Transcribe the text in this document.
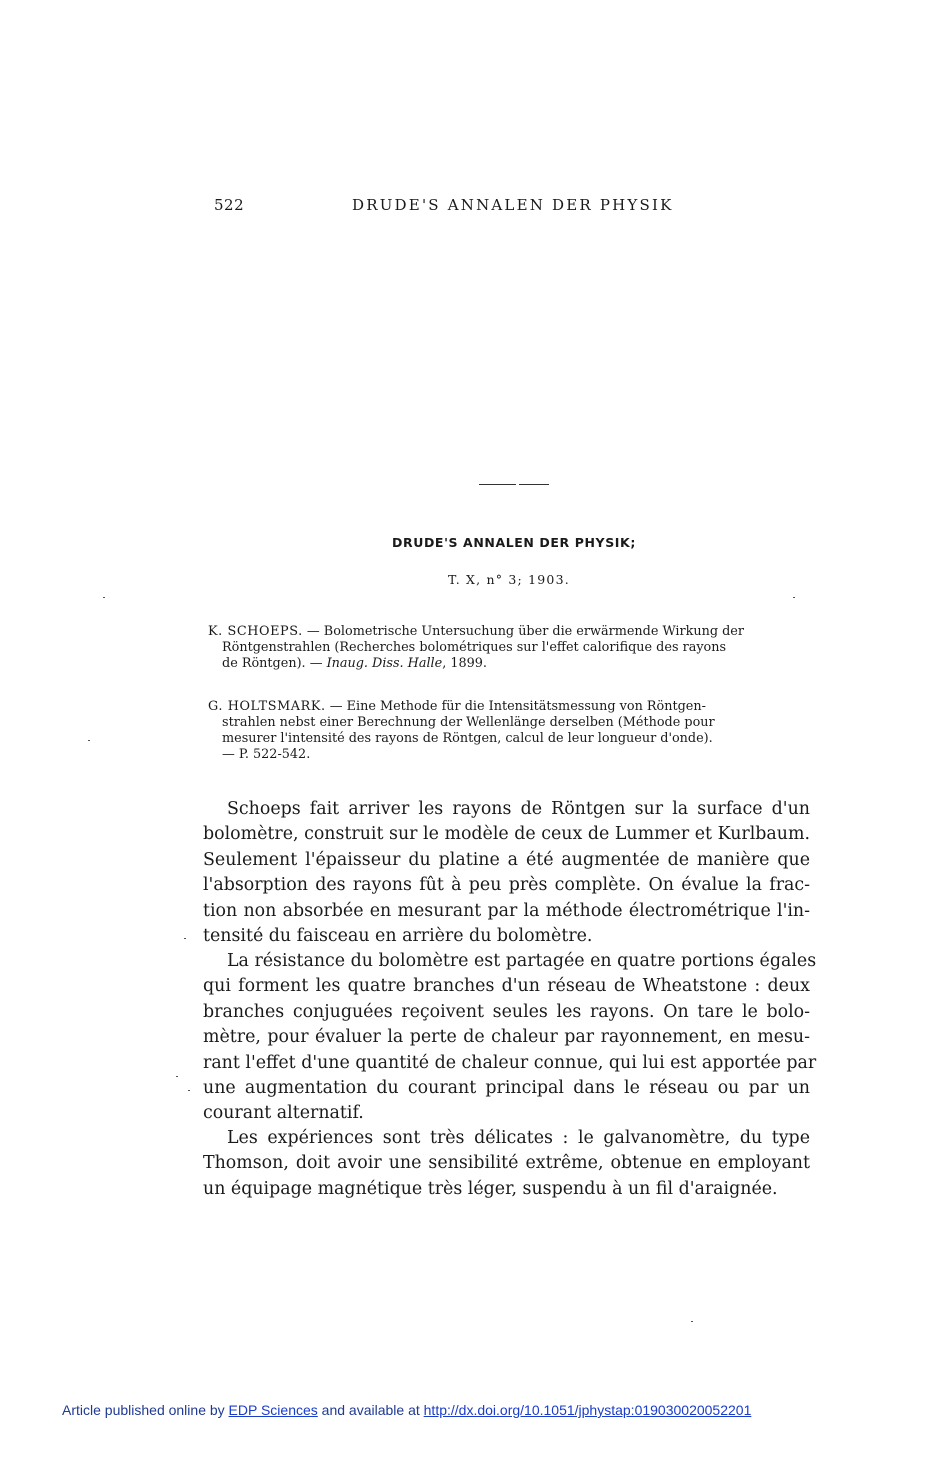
522	DRUDE'S ANNALEN DER PHYSIK
DRUDE'S ANNALEN DER PHYSIK;
T. X, n° 3; 1903.
K. SCHOEPS. — Bolometrische Untersuchung über die erwärmende Wirkung der
Röntgenstrahlen (Recherches bolométriques sur l'effet calorifique des rayons
de Röntgen). — Inaug. Diss. Halle, 1899.
G. HOLTSMARK. — Eine Methode für die Intensitätsmessung von Röntgen-
strahlen nebst einer Berechnung der Wellenlänge derselben (Méthode pour
mesurer l'intensité des rayons de Röntgen, calcul de leur longueur d'onde).
— P. 522-542.
Schoeps fait arriver les rayons de Röntgen sur la surface d'un
bolomètre, construit sur le modèle de ceux de Lummer et Kurlbaum.
Seulement l'épaisseur du platine a été augmentée de manière que
l'absorption des rayons fût à peu près complète. On évalue la frac-
tion non absorbée en mesurant par la méthode électrométrique l'in-
tensité du faisceau en arrière du bolomètre.
La résistance du bolomètre est partagée en quatre portions égales
qui forment les quatre branches d'un réseau de Wheatstone : deux
branches conjuguées reçoivent seules les rayons. On tare le bolo-
mètre, pour évaluer la perte de chaleur par rayonnement, en mesu-
rant l'effet d'une quantité de chaleur connue, qui lui est apportée par
une augmentation du courant principal dans le réseau ou par un
courant alternatif.
Les expériences sont très délicates : le galvanomètre, du type
Thomson, doit avoir une sensibilité extrême, obtenue en employant
un équipage magnétique très léger, suspendu à un fil d'araignée.
Article published online by EDP Sciences and available at http://dx.doi.org/10.1051/jphystap:019030020052201
